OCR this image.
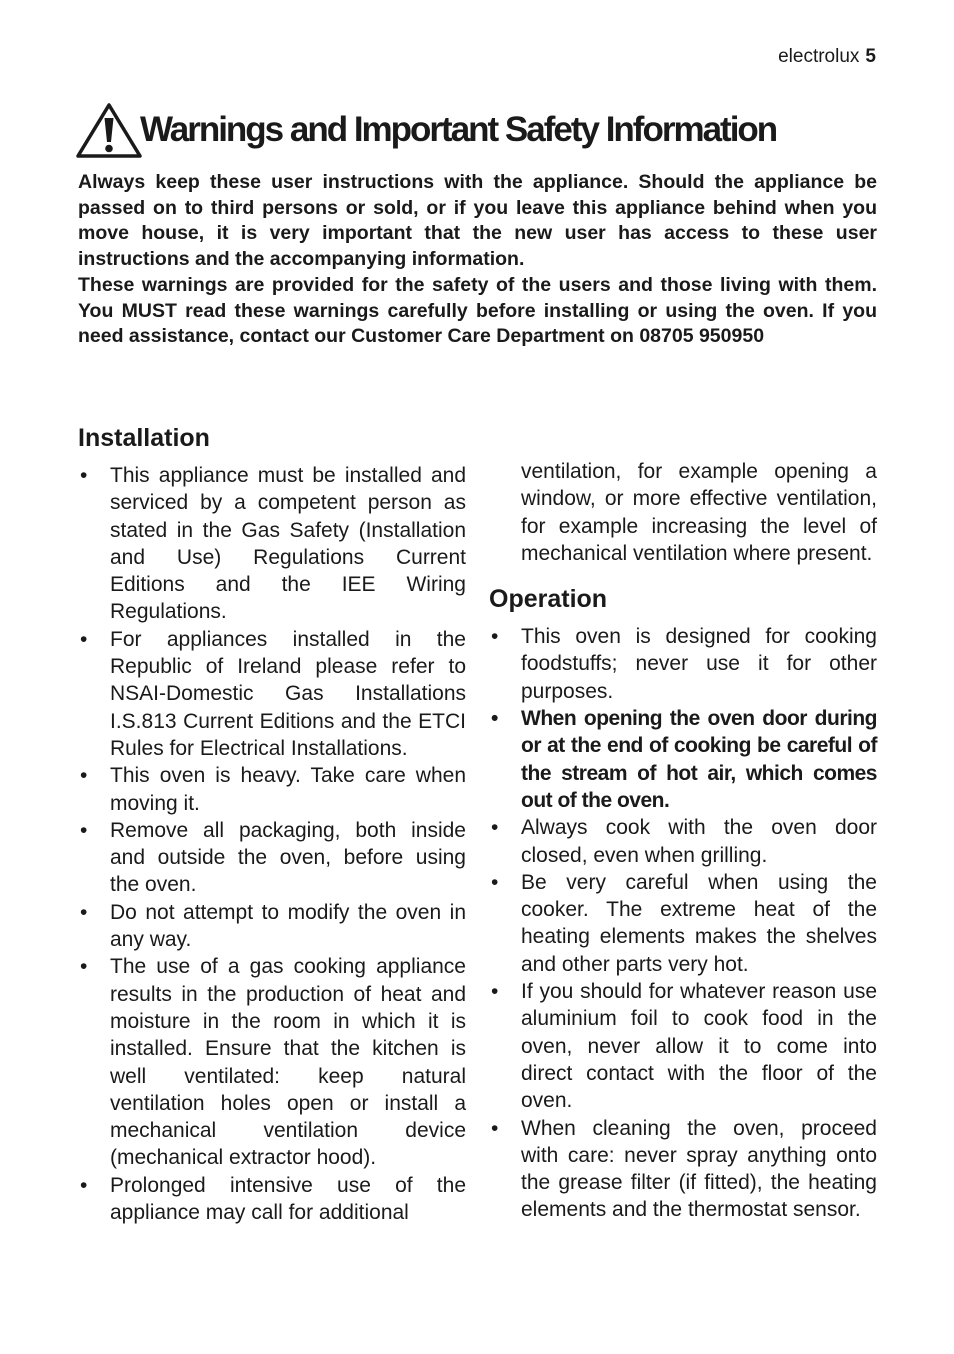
electrolux 5
Warnings and Important Safety Information

Always keep these user instructions with the appliance. Should the appliance be passed on to third persons or sold, or if you leave this appliance behind when you move house, it is very important that the new user has access to these user instructions and the accompanying information.

These warnings are provided for the safety of the users and those living with them. You MUST read these warnings carefully before installing or using the oven. If you need assistance, contact our Customer Care Department on 08705 950950

Installation
• This appliance must be installed and serviced by a competent person as stated in the Gas Safety (Installation and Use) Regulations Current Editions and the IEE Wiring Regulations.
• For appliances installed in the Republic of Ireland please refer to NSAI-Domestic Gas Installations I.S.813 Current Editions and the ETCI Rules for Electrical Installations.
• This oven is heavy. Take care when moving it.
• Remove all packaging, both inside and outside the oven, before using the oven.
• Do not attempt to modify the oven in any way.
• The use of a gas cooking appliance results in the production of heat and moisture in the room in which it is installed. Ensure that the kitchen is well ventilated: keep natural ventilation holes open or install a mechanical ventilation device (mechanical extractor hood).
• Prolonged intensive use of the appliance may call for additional

ventilation, for example opening a window, or more effective ventilation, for example increasing the level of mechanical ventilation where present.

Operation
• This oven is designed for cooking foodstuffs; never use it for other purposes.
• When opening the oven door during or at the end of cooking be careful of the stream of hot air, which comes out of the oven.
• Always cook with the oven door closed, even when grilling.
• Be very careful when using the cooker. The extreme heat of the heating elements makes the shelves and other parts very hot.
• If you should for whatever reason use aluminium foil to cook food in the oven, never allow it to come into direct contact with the floor of the oven.
• When cleaning the oven, proceed with care: never spray anything onto the grease filter (if fitted), the heating elements and the thermostat sensor.
